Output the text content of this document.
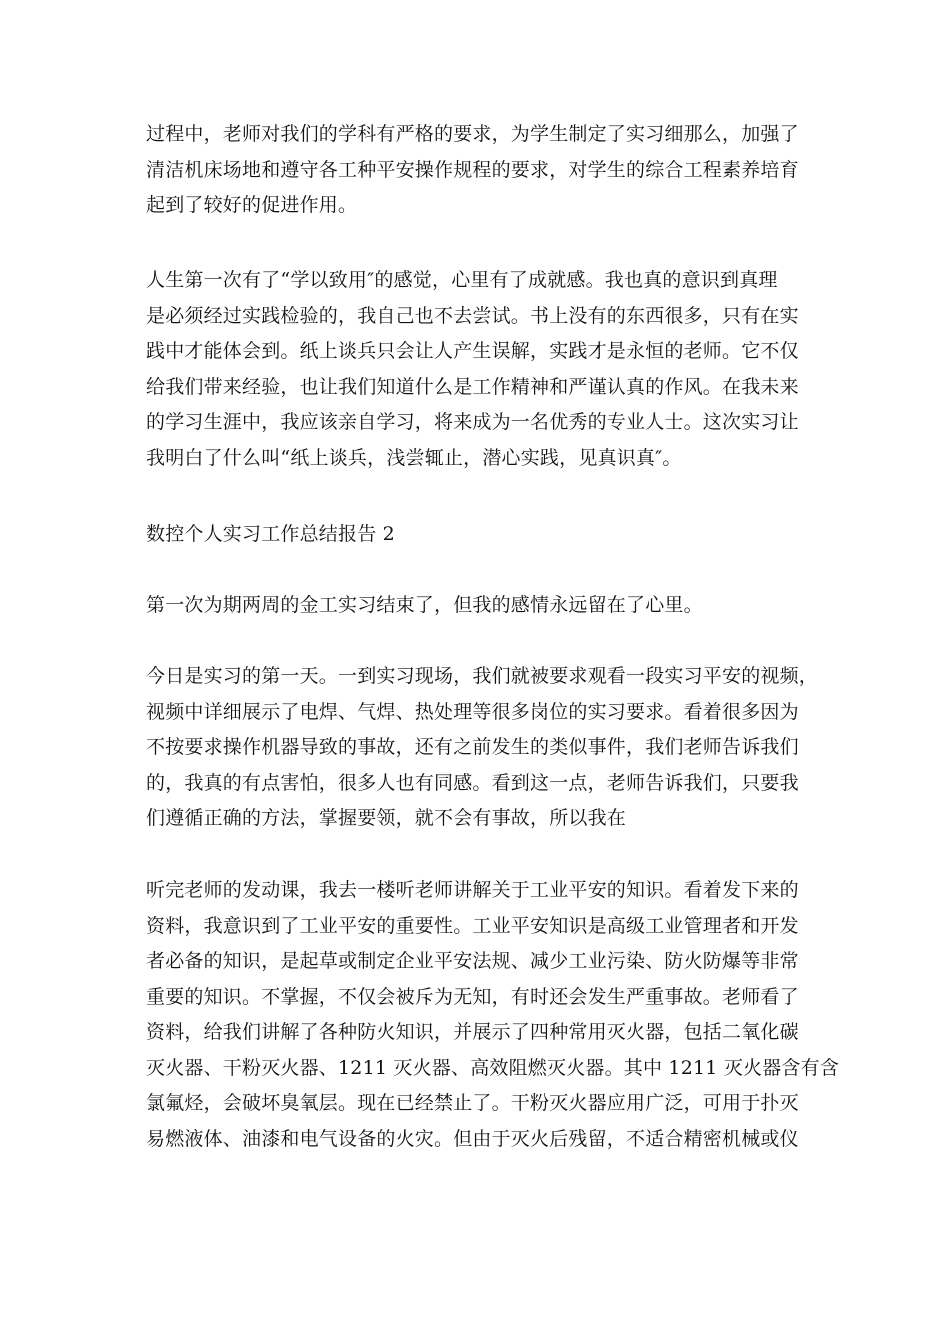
过程中，老师对我们的学科有严格的要求，为学生制定了实习细那么，加强了
清洁机床场地和遵守各工种平安操作规程的要求，对学生的综合工程素养培育
起到了较好的促进作用。

人生第一次有了“学以致用″的感觉，心里有了成就感。我也真的意识到真理
是必须经过实践检验的，我自己也不去尝试。书上没有的东西很多，只有在实
践中才能体会到。纸上谈兵只会让人产生误解，实践才是永恒的老师。它不仅
给我们带来经验，也让我们知道什么是工作精神和严谨认真的作风。在我未来
的学习生涯中，我应该亲自学习，将来成为一名优秀的专业人士。这次实习让
我明白了什么叫“纸上谈兵，浅尝辄止，潜心实践，见真识真″。

数控个人实习工作总结报告 2

第一次为期两周的金工实习结束了，但我的感情永远留在了心里。

今日是实习的第一天。一到实习现场，我们就被要求观看一段实习平安的视频，
视频中详细展示了电焊、气焊、热处理等很多岗位的实习要求。看着很多因为
不按要求操作机器导致的事故，还有之前发生的类似事件，我们老师告诉我们
的，我真的有点害怕，很多人也有同感。看到这一点，老师告诉我们，只要我
们遵循正确的方法，掌握要领，就不会有事故，所以我在

听完老师的发动课，我去一楼听老师讲解关于工业平安的知识。看着发下来的
资料，我意识到了工业平安的重要性。工业平安知识是高级工业管理者和开发
者必备的知识，是起草或制定企业平安法规、减少工业污染、防火防爆等非常
重要的知识。不掌握，不仅会被斥为无知，有时还会发生严重事故。老师看了
资料，给我们讲解了各种防火知识，并展示了四种常用灭火器，包括二氧化碳
灭火器、干粉灭火器、1211 灭火器、高效阻燃灭火器。其中 1211 灭火器含有含
氯氟烃，会破坏臭氧层。现在已经禁止了。干粉灭火器应用广泛，可用于扑灭
易燃液体、油漆和电气设备的火灾。但由于灭火后残留，不适合精密机械或仪
